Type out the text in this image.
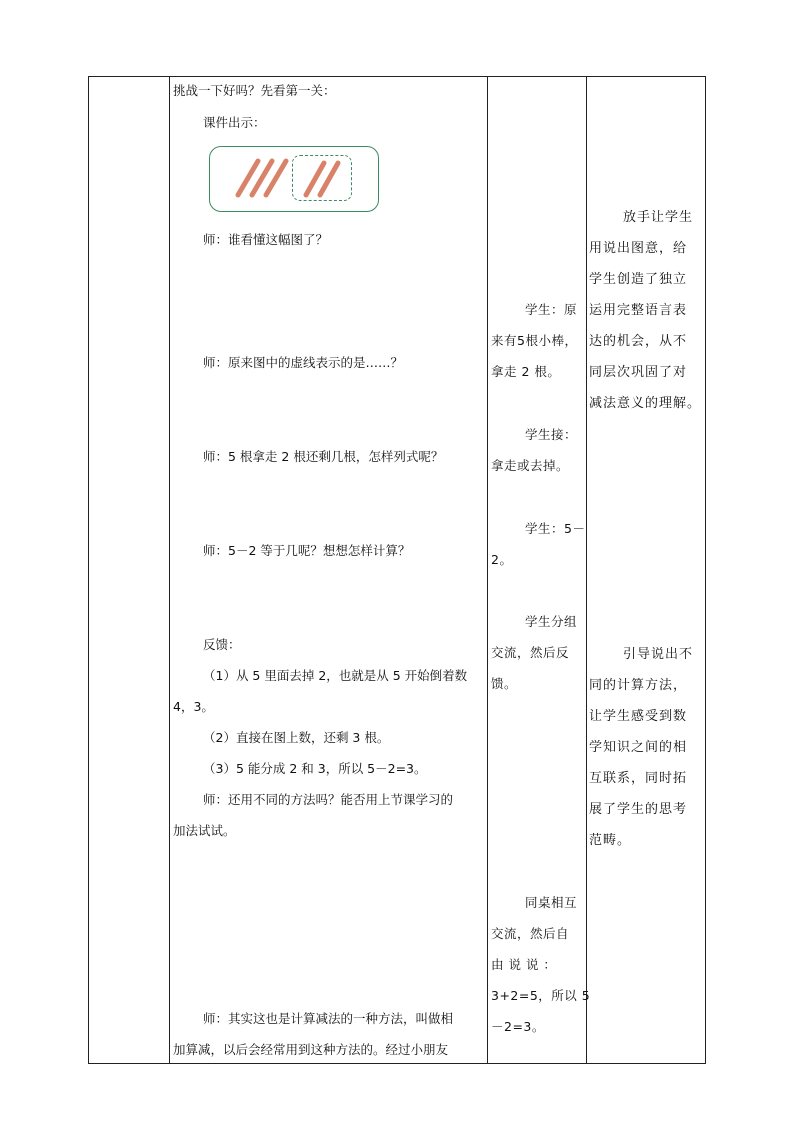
挑战一下好吗？先看第一关：
课件出示：
师：谁看懂这幅图了？
师：原来图中的虚线表示的是……？
师：5 根拿走 2 根还剩几根，怎样列式呢？
师：5－2 等于几呢？想想怎样计算？
反馈：
（1）从 5 里面去掉 2，也就是从 5 开始倒着数
4，3。
（2）直接在图上数，还剩 3 根。
（3）5 能分成 2 和 3，所以 5－2=3。
师：还用不同的方法吗？能否用上节课学习的
加法试试。
师：其实这也是计算减法的一种方法，叫做相
加算减，以后会经常用到这种方法的。经过小朋友
学生：原
来有5根小棒，
拿走 2 根。
学生接：
拿走或去掉。
学生：5－
2。
学生分组
交流，然后反
馈。
同桌相互
交流，然后自
由 说 说 ：
3+2=5，所以 5
－2=3。
放手让学生
用说出图意，给
学生创造了独立
运用完整语言表
达的机会，从不
同层次巩固了对
减法意义的理解。
引导说出不
同的计算方法，
让学生感受到数
学知识之间的相
互联系，同时拓
展了学生的思考
范畴。
